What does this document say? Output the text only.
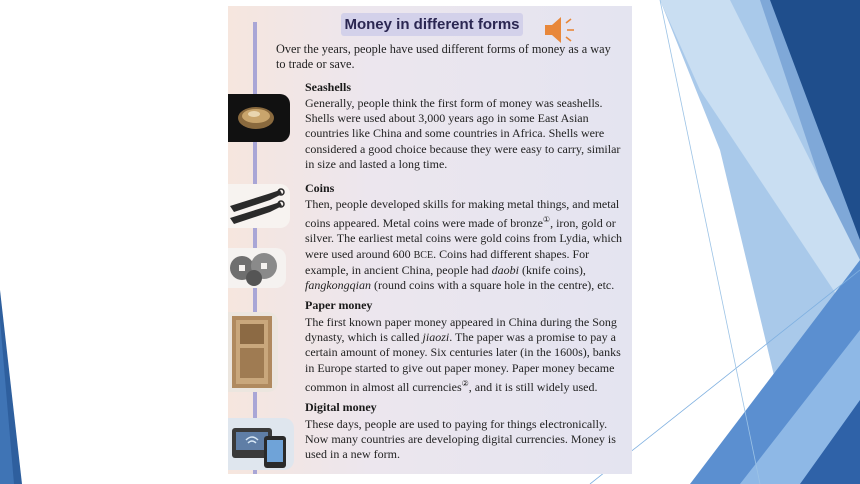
Money in different forms
Over the years, people have used different forms of money as a way to trade or save.
Seashells
Generally, people think the first form of money was seashells. Shells were used about 3,000 years ago in some East Asian countries like China and some countries in Africa. Shells were considered a good choice because they were easy to carry, similar in size and lasted a long time.
Coins
Then, people developed skills for making metal things, and metal coins appeared. Metal coins were made of bronze①, iron, gold or silver. The earliest metal coins were gold coins from Lydia, which were used around 600 BCE. Coins had different shapes. For example, in ancient China, people had daobi (knife coins), fangkongqian (round coins with a square hole in the centre), etc.
Paper money
The first known paper money appeared in China during the Song dynasty, which is called jiaozi. The paper was a promise to pay a certain amount of money. Six centuries later (in the 1600s), banks in Europe started to give out paper money. Paper money became common in almost all currencies②, and it is still widely used.
Digital money
These days, people are used to paying for things electronically. Now many countries are developing digital currencies. Money is used in a new form.
